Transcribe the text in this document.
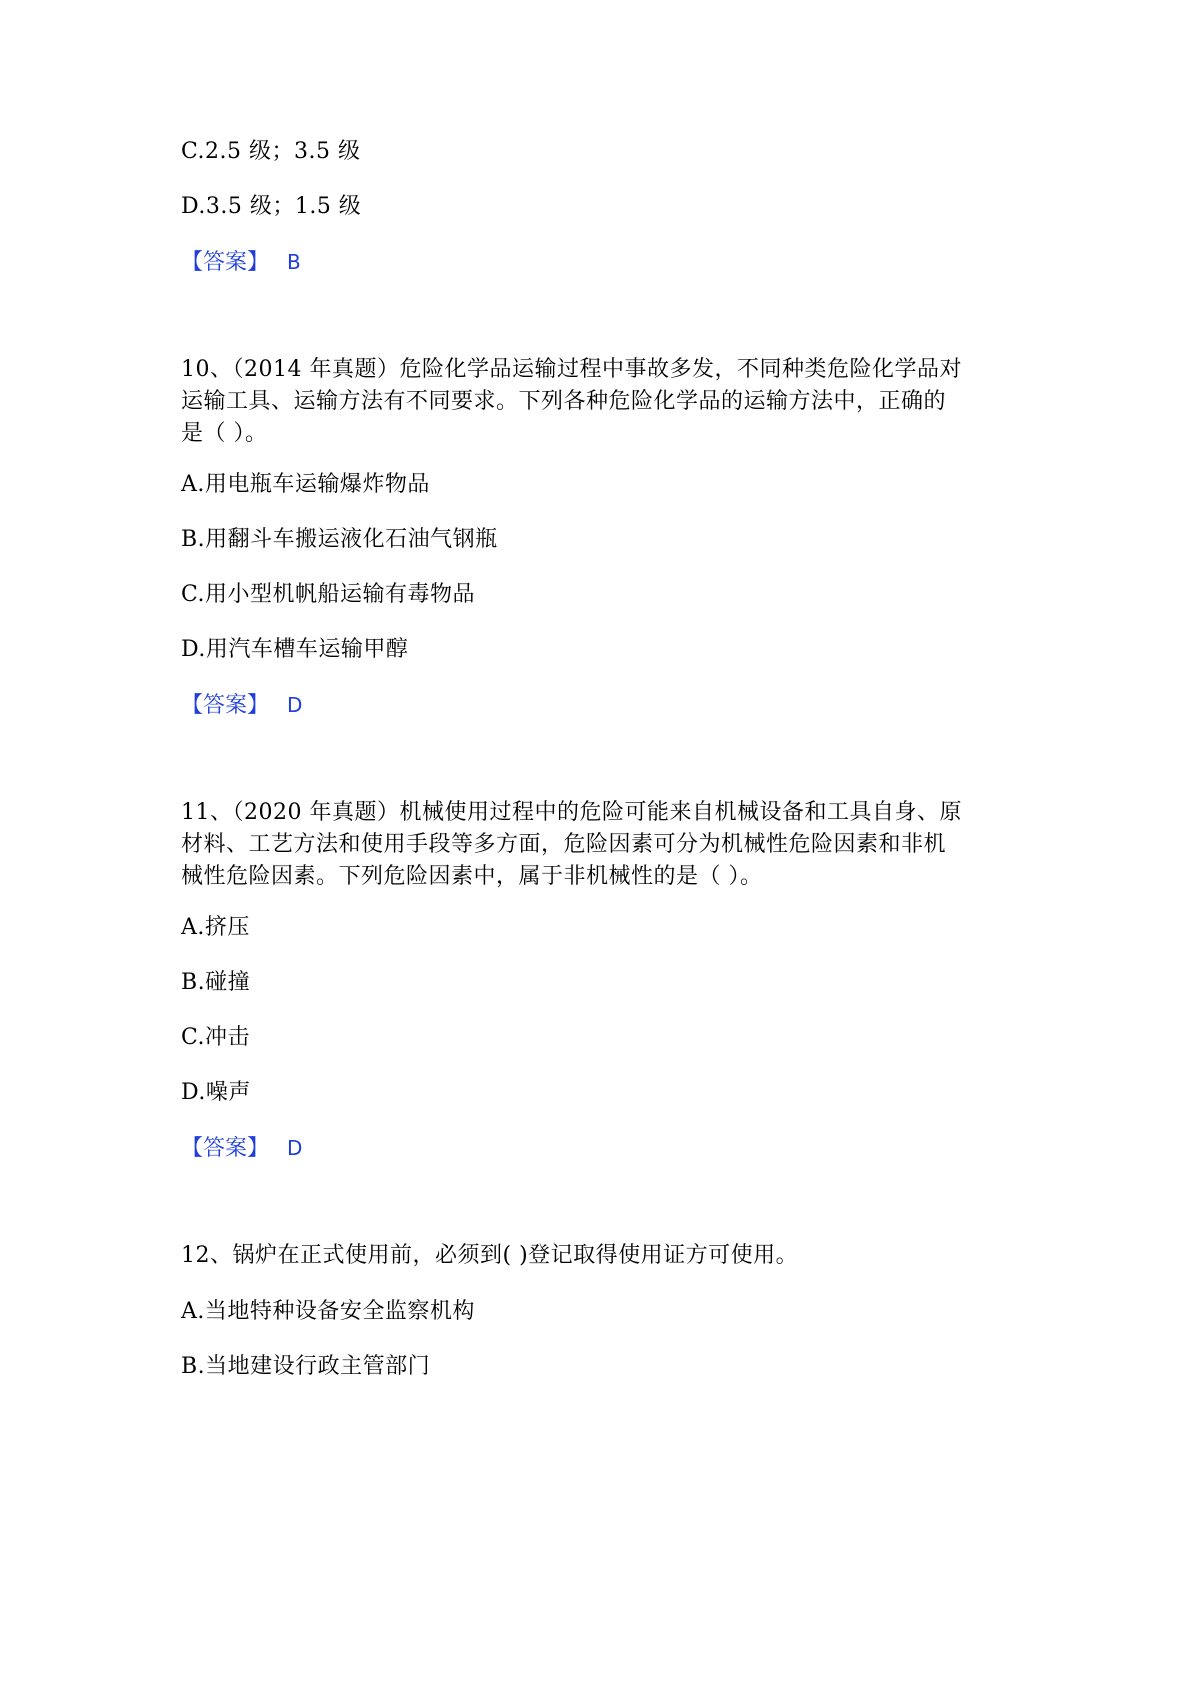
C.2.5 级；3.5 级
D.3.5 级；1.5 级
【答案】 B
10、（2014 年真题）危险化学品运输过程中事故多发，不同种类危险化学品对
运输工具、运输方法有不同要求。下列各种危险化学品的运输方法中，正确的
是（ ）。
A.用电瓶车运输爆炸物品
B.用翻斗车搬运液化石油气钢瓶
C.用小型机帆船运输有毒物品
D.用汽车槽车运输甲醇
【答案】 D
11、（2020 年真题）机械使用过程中的危险可能来自机械设备和工具自身、原
材料、工艺方法和使用手段等多方面，危险因素可分为机械性危险因素和非机
械性危险因素。下列危险因素中，属于非机械性的是（ ）。
A.挤压
B.碰撞
C.冲击
D.噪声
【答案】 D
12、锅炉在正式使用前，必须到( )登记取得使用证方可使用。
A.当地特种设备安全监察机构
B.当地建设行政主管部门
